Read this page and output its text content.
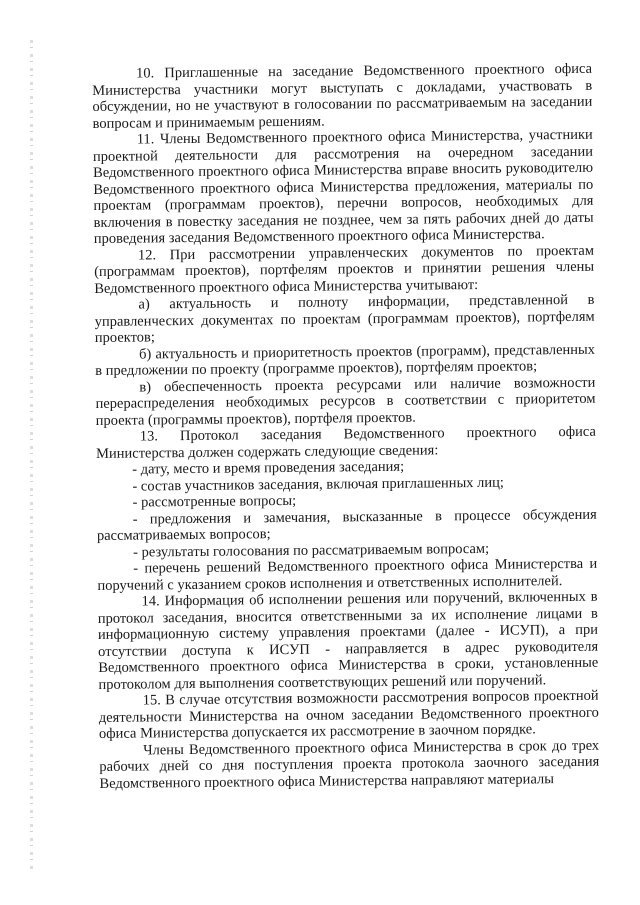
10. Приглашенные на заседание Ведомственного проектного офиса Министерства участники могут выступать с докладами, участвовать в обсуждении, но не участвуют в голосовании по рассматриваемым на заседании вопросам и принимаемым решениям.

11. Члены Ведомственного проектного офиса Министерства, участники проектной деятельности для рассмотрения на очередном заседании Ведомственного проектного офиса Министерства вправе вносить руководителю Ведомственного проектного офиса Министерства предложения, материалы по проектам (программам проектов), перечни вопросов, необходимых для включения в повестку заседания не позднее, чем за пять рабочих дней до даты проведения заседания Ведомственного проектного офиса Министерства.

12. При рассмотрении управленческих документов по проектам (программам проектов), портфелям проектов и принятии решения члены Ведомственного проектного офиса Министерства учитывают:

а) актуальность и полноту информации, представленной в управленческих документах по проектам (программам проектов), портфелям проектов;

б) актуальность и приоритетность проектов (программ), представленных в предложении по проекту (программе проектов), портфелям проектов;

в) обеспеченность проекта ресурсами или наличие возможности перераспределения необходимых ресурсов в соответствии с приоритетом проекта (программы проектов), портфеля проектов.

13. Протокол заседания Ведомственного проектного офиса Министерства должен содержать следующие сведения:

- дату, место и время проведения заседания;

- состав участников заседания, включая приглашенных лиц;

- рассмотренные вопросы;

- предложения и замечания, высказанные в процессе обсуждения рассматриваемых вопросов;

- результаты голосования по рассматриваемым вопросам;

- перечень решений Ведомственного проектного офиса Министерства и поручений с указанием сроков исполнения и ответственных исполнителей.

14. Информация об исполнении решения или поручений, включенных в протокол заседания, вносится ответственными за их исполнение лицами в информационную систему управления проектами (далее - ИСУП), а при отсутствии доступа к ИСУП - направляется в адрес руководителя Ведомственного проектного офиса Министерства в сроки, установленные протоколом для выполнения соответствующих решений или поручений.

15. В случае отсутствия возможности рассмотрения вопросов проектной деятельности Министерства на очном заседании Ведомственного проектного офиса Министерства допускается их рассмотрение в заочном порядке.

Члены Ведомственного проектного офиса Министерства в срок до трех рабочих дней со дня поступления проекта протокола заочного заседания Ведомственного проектного офиса Министерства направляют материалы
